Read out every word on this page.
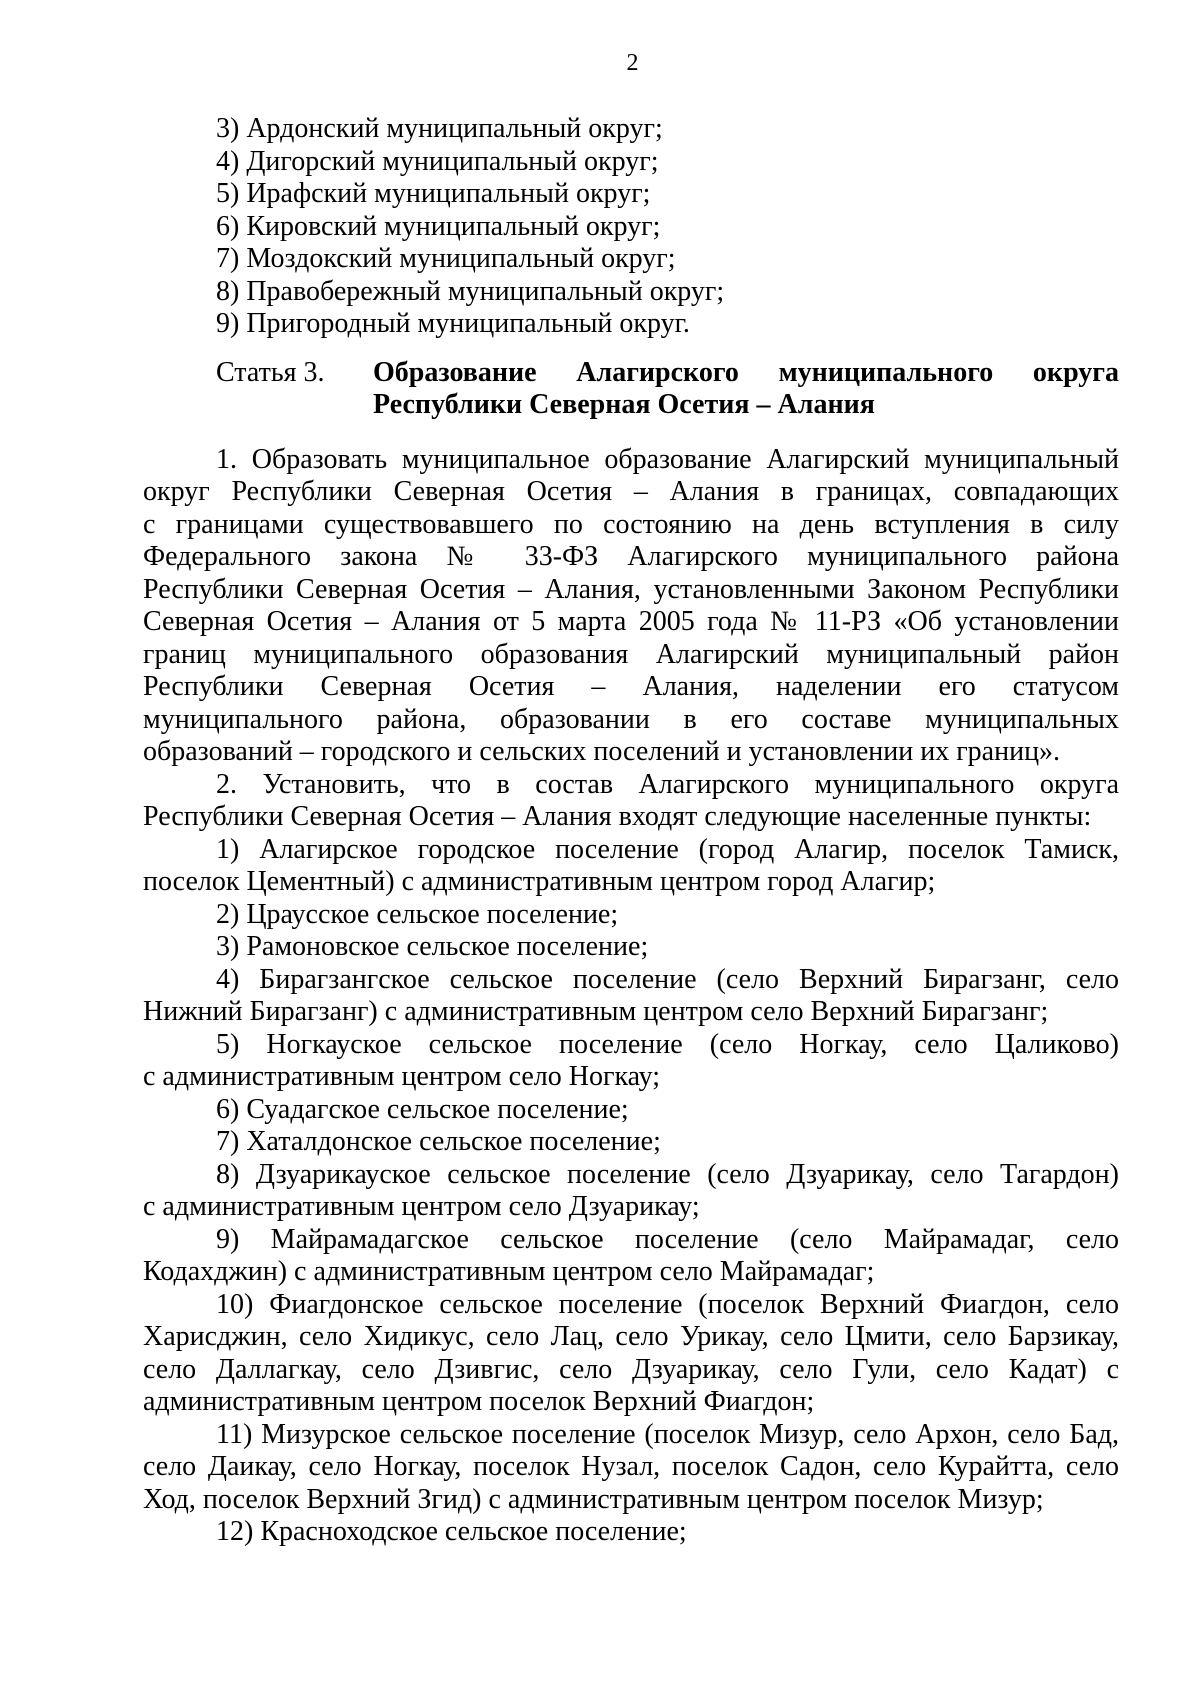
2
3) Ардонский муниципальный округ;
4) Дигорский муниципальный округ;
5) Ирафский муниципальный округ;
6) Кировский муниципальный округ;
7) Моздокский муниципальный округ;
8) Правобережный муниципальный округ;
9) Пригородный муниципальный округ.
Статья 3. Образование Алагирского муниципального округа
Республики Северная Осетия – Алания
1. Образовать муниципальное образование Алагирский муниципальный
округ Республики Северная Осетия – Алания в границах, совпадающих
с границами существовавшего по состоянию на день вступления в силу
Федерального закона № 33-ФЗ Алагирского муниципального района
Республики Северная Осетия – Алания, установленными Законом Республики
Северная Осетия – Алания от 5 марта 2005 года № 11-РЗ «Об установлении
границ муниципального образования Алагирский муниципальный район
Республики Северная Осетия – Алания, наделении его статусом
муниципального района, образовании в его составе муниципальных
образований – городского и сельских поселений и установлении их границ».
2. Установить, что в состав Алагирского муниципального округа
Республики Северная Осетия – Алания входят следующие населенные пункты:
1) Алагирское городское поселение (город Алагир, поселок Тамиск,
поселок Цементный) с административным центром город Алагир;
2) Цраусское сельское поселение;
3) Рамоновское сельское поселение;
4) Бирагзангское сельское поселение (село Верхний Бирагзанг, село
Нижний Бирагзанг) с административным центром село Верхний Бирагзанг;
5) Ногкауское сельское поселение (село Ногкау, село Цаликово)
с административным центром село Ногкау;
6) Суадагское сельское поселение;
7) Хаталдонское сельское поселение;
8) Дзуарикауское сельское поселение (село Дзуарикау, село Тагардон)
с административным центром село Дзуарикау;
9) Майрамадагское сельское поселение (село Майрамадаг, село
Кодахджин) с административным центром село Майрамадаг;
10) Фиагдонское сельское поселение (поселок Верхний Фиагдон, село
Харисджин, село Хидикус, село Лац, село Урикау, село Цмити, село Барзикау,
село Даллагкау, село Дзивгис, село Дзуарикау, село Гули, село Кадат) с
административным центром поселок Верхний Фиагдон;
11) Мизурское сельское поселение (поселок Мизур, село Архон, село Бад,
село Даикау, село Ногкау, поселок Нузал, поселок Садон, село Курайтта, село
Ход, поселок Верхний Згид) с административным центром поселок Мизур;
12) Красноходское сельское поселение;
